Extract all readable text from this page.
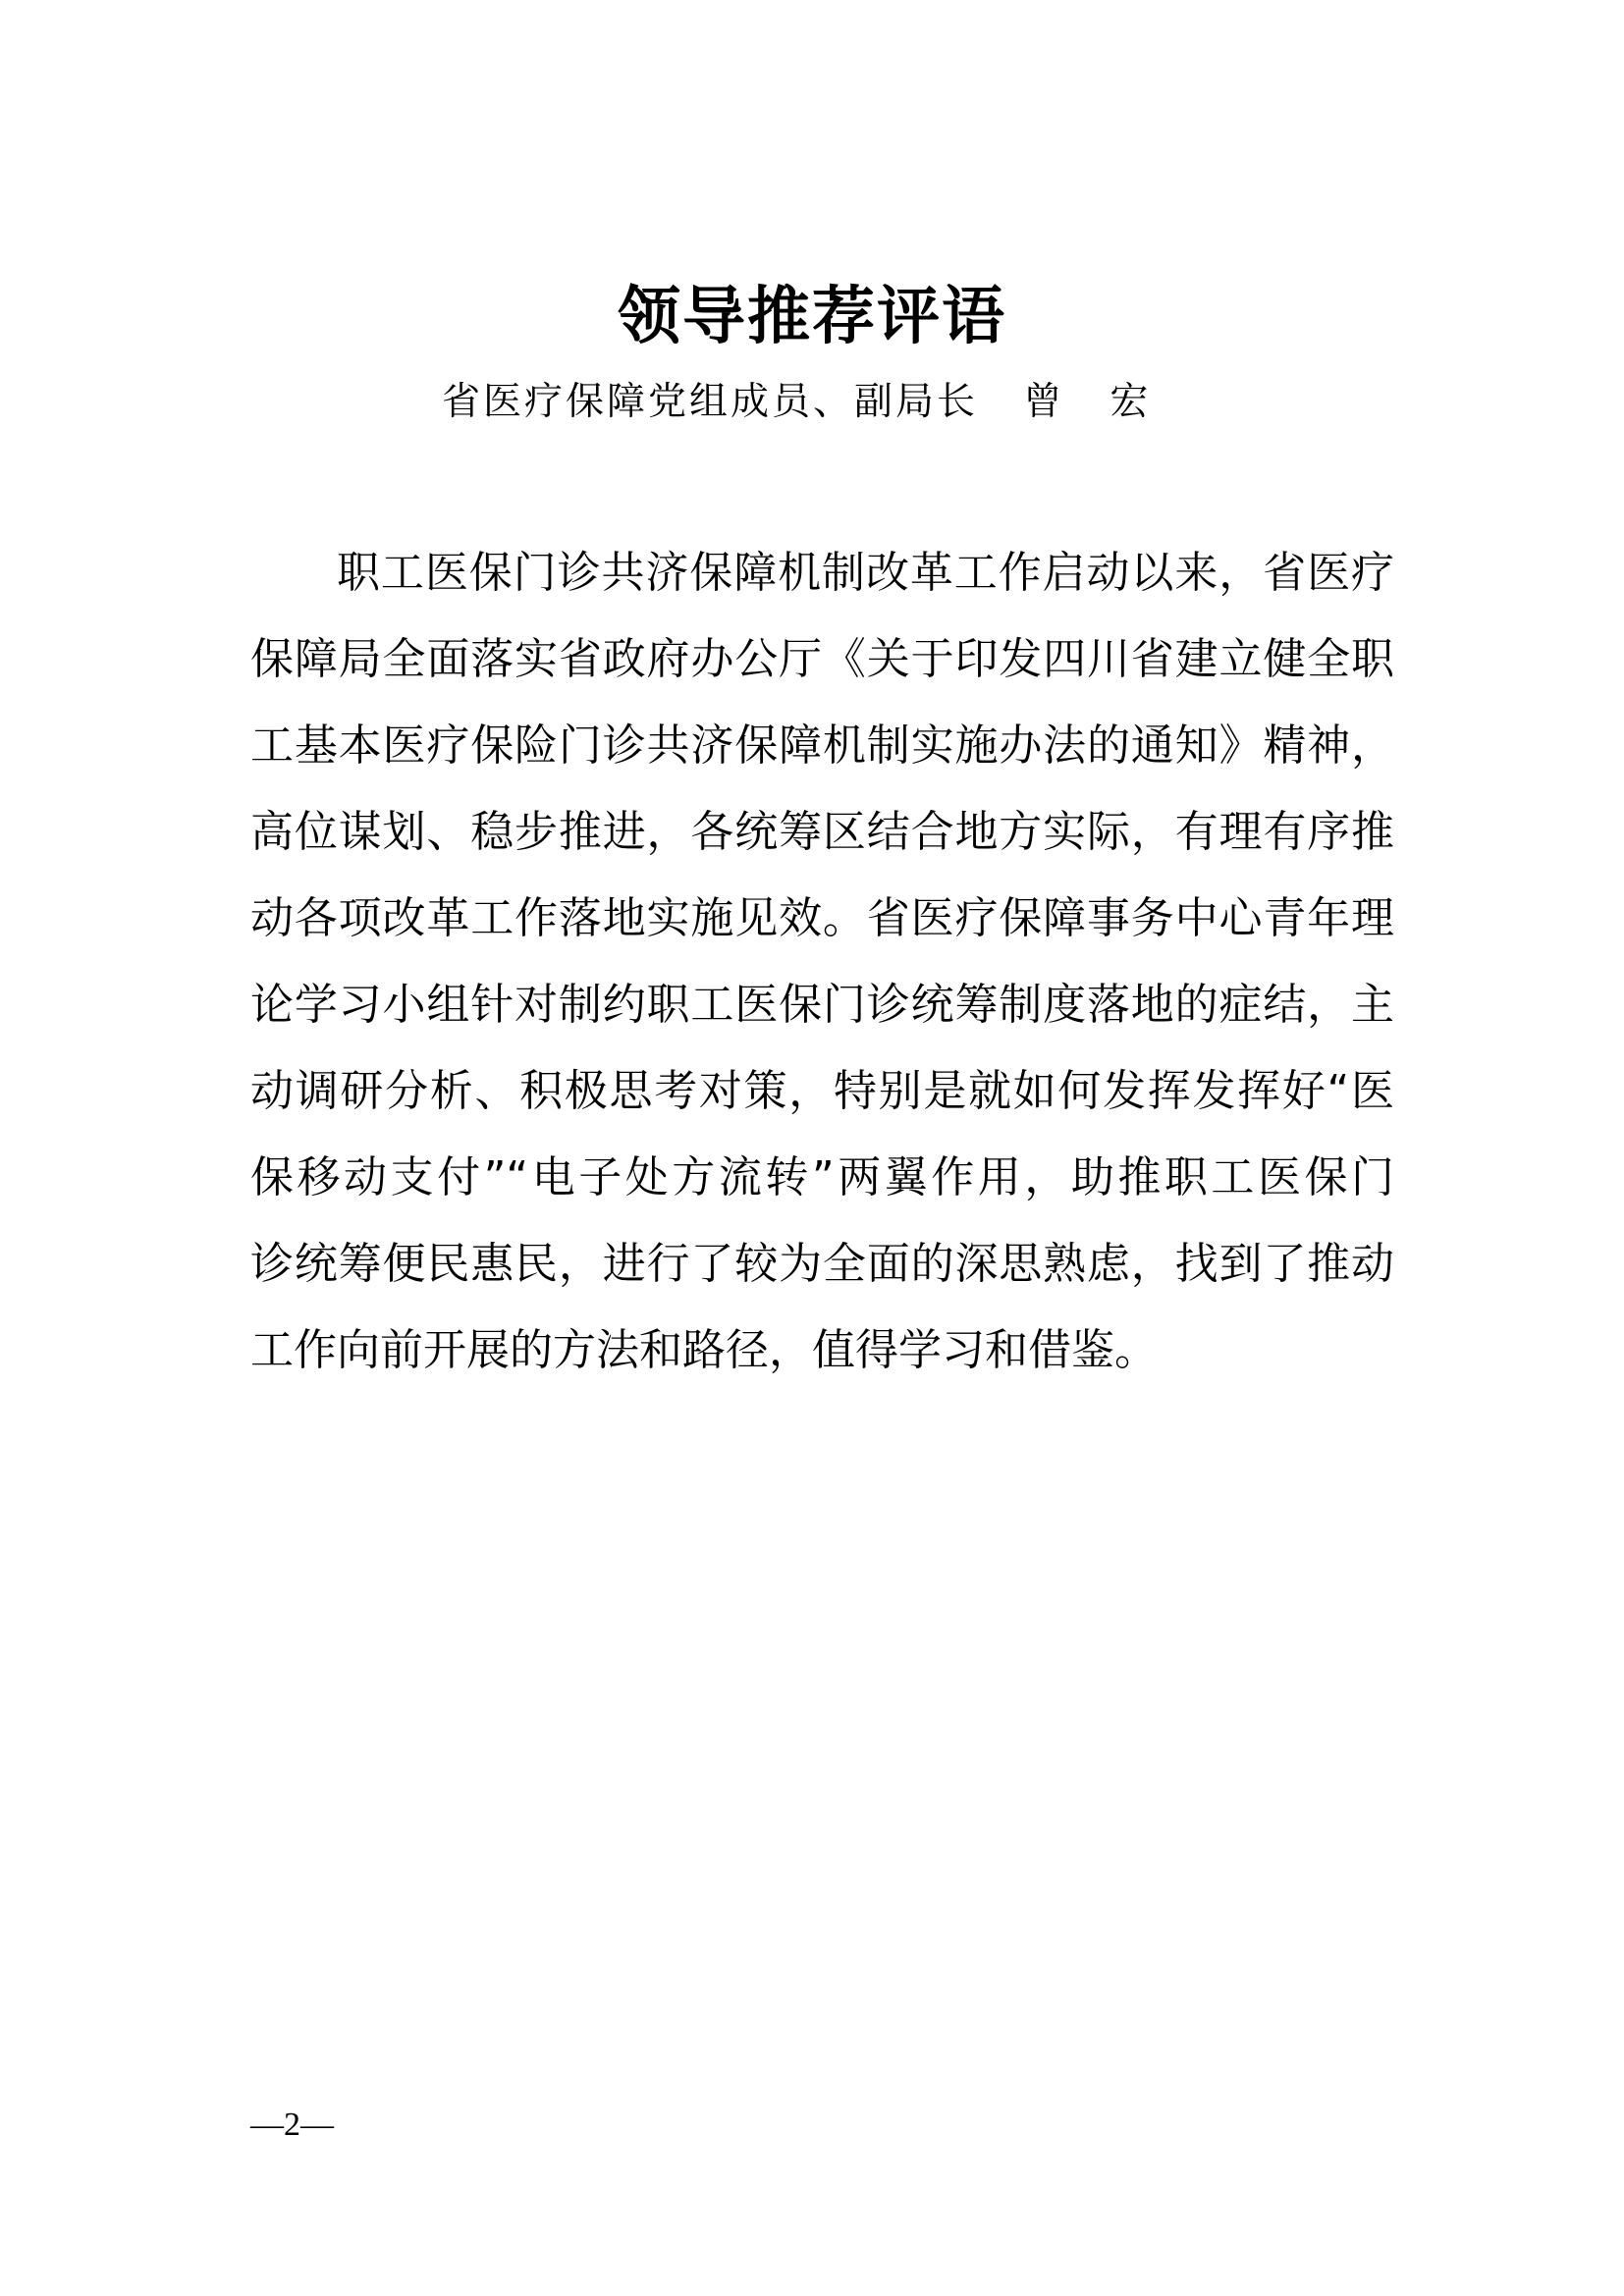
领导推荐评语
省医疗保障党组成员、副局长   曾   宏
职工医保门诊共济保障机制改革工作启动以来，省医疗
保障局全面落实省政府办公厅《关于印发四川省建立健全职
工基本医疗保险门诊共济保障机制实施办法的通知》精神，
高位谋划、稳步推进，各统筹区结合地方实际，有理有序推
动各项改革工作落地实施见效。省医疗保障事务中心青年理
论学习小组针对制约职工医保门诊统筹制度落地的症结，主
动调研分析、积极思考对策，特别是就如何发挥发挥好“医
保移动支付”“电子处方流转”两翼作用，助推职工医保门
诊统筹便民惠民，进行了较为全面的深思熟虑，找到了推动
工作向前开展的方法和路径，值得学习和借鉴。
—2—
